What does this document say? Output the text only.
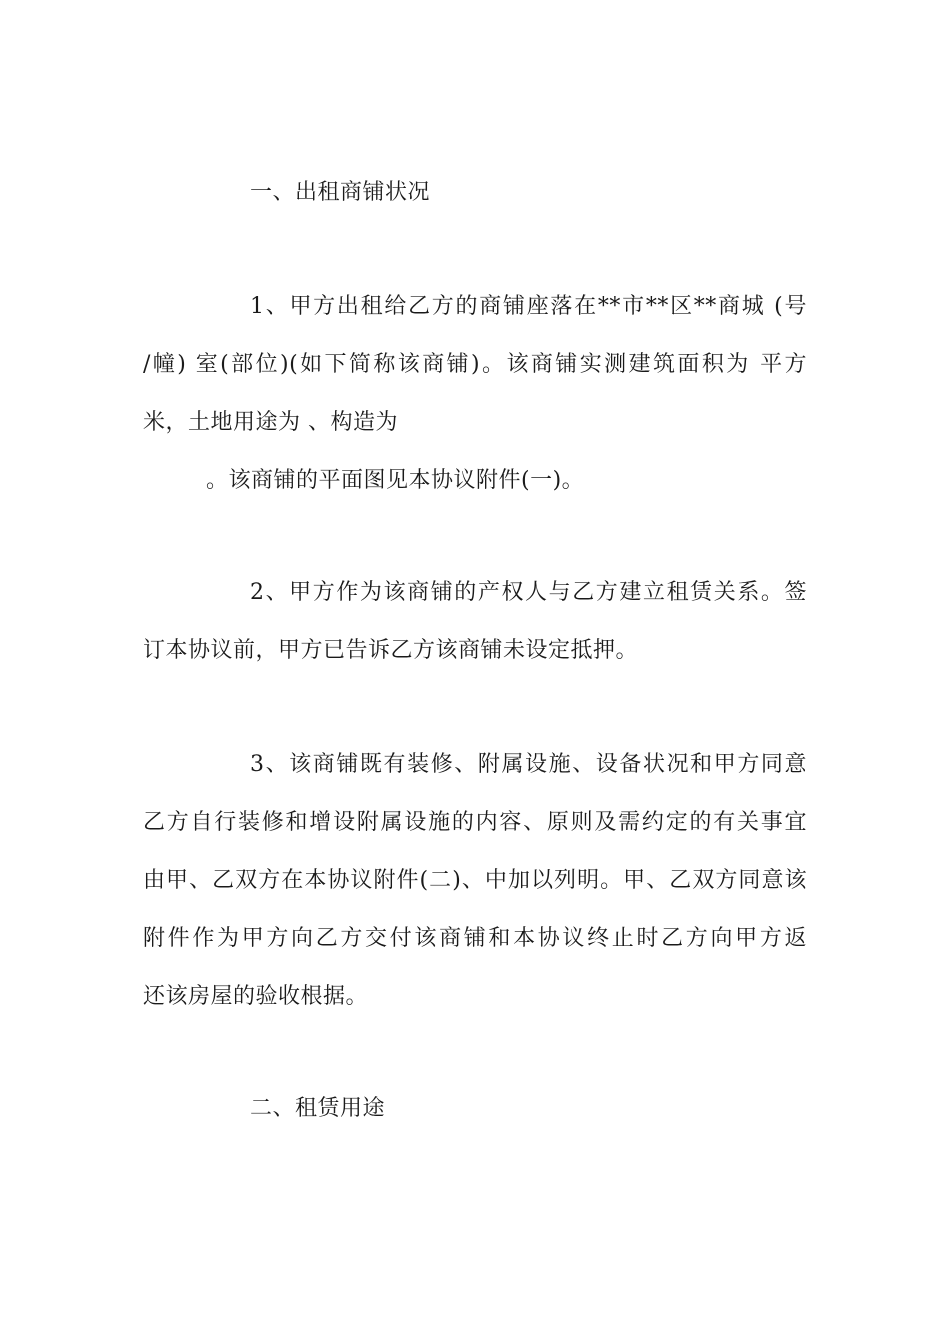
一、出租商铺状况
1、甲方出租给乙方的商铺座落在**市**区**商城 (号
/幢) 室(部位)(如下简称该商铺)。该商铺实测建筑面积为 平方
米，土地用途为 、构造为
。该商铺的平面图见本协议附件(一)。
2、甲方作为该商铺的产权人与乙方建立租赁关系。签
订本协议前，甲方已告诉乙方该商铺未设定抵押。
3、该商铺既有装修、附属设施、设备状况和甲方同意
乙方自行装修和增设附属设施的内容、原则及需约定的有关事宜
由甲、乙双方在本协议附件(二)、中加以列明。甲、乙双方同意该
附件作为甲方向乙方交付该商铺和本协议终止时乙方向甲方返
还该房屋的验收根据。
二、租赁用途
